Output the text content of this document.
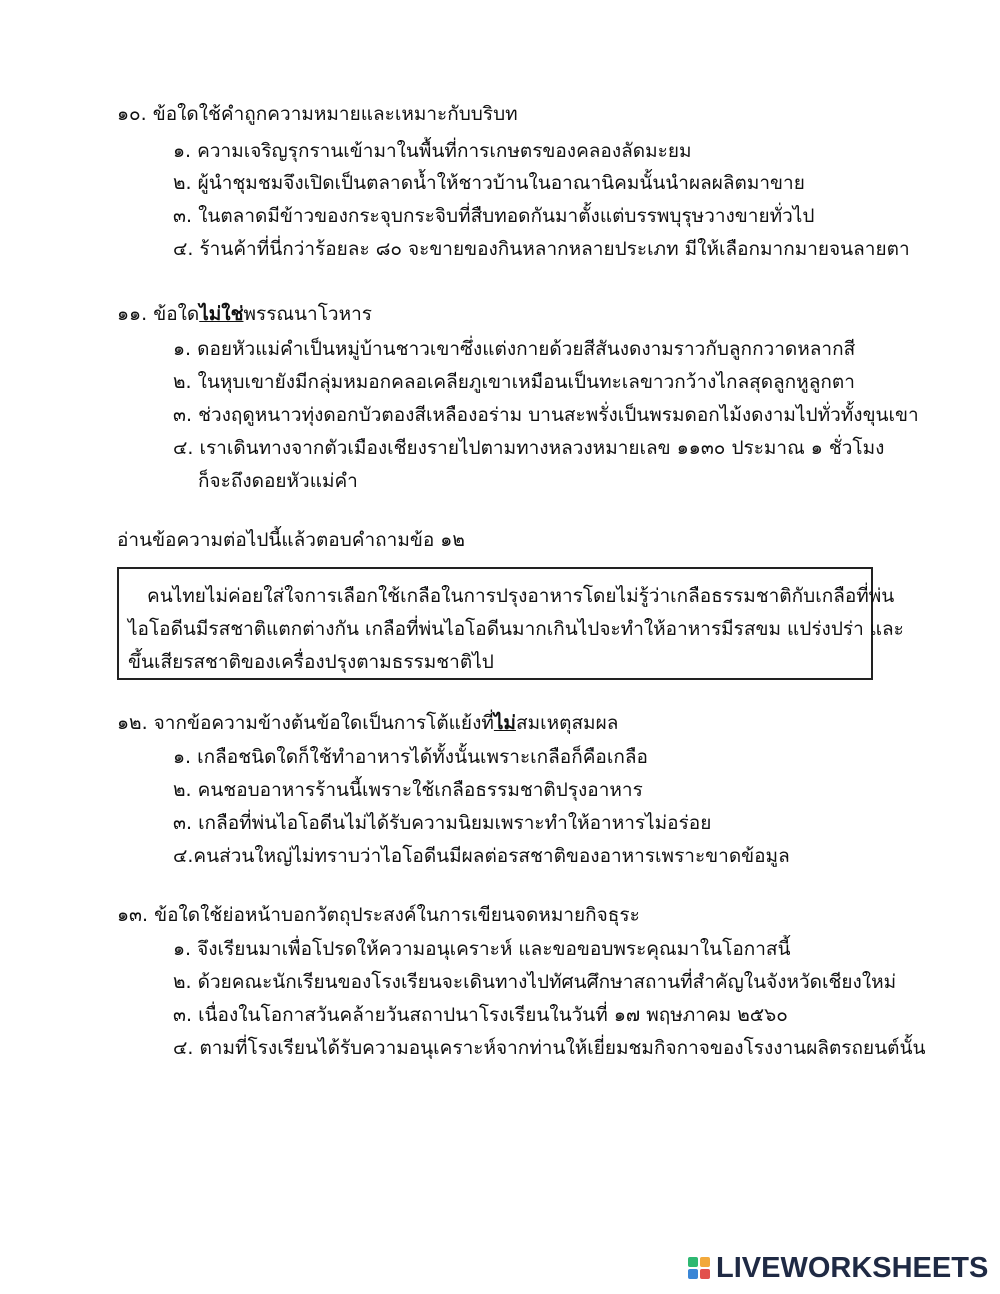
๑๐. ข้อใดใช้คำถูกความหมายและเหมาะกับบริบท
๑. ความเจริญรุกรานเข้ามาในพื้นที่การเกษตรของคลองลัดมะยม
๒. ผู้นำชุมชมจึงเปิดเป็นตลาดน้ำให้ชาวบ้านในอาณานิคมนั้นนำผลผลิตมาขาย
๓. ในตลาดมีข้าวของกระจุบกระจิบที่สืบทอดกันมาตั้งแต่บรรพบุรุษวางขายทั่วไป
๔. ร้านค้าที่นี่กว่าร้อยละ ๘๐ จะขายของกินหลากหลายประเภท มีให้เลือกมากมายจนลายตา
๑๑. ข้อใดไม่ใช่พรรณนาโวหาร
๑. ดอยหัวแม่คำเป็นหมู่บ้านชาวเขาซึ่งแต่งกายด้วยสีสันงดงามราวกับลูกกวาดหลากสี
๒. ในหุบเขายังมีกลุ่มหมอกคลอเคลียภูเขาเหมือนเป็นทะเลขาวกว้างไกลสุดลูกหูลูกตา
๓. ช่วงฤดูหนาวทุ่งดอกบัวตองสีเหลืองอร่าม บานสะพรั่งเป็นพรมดอกไม้งดงามไปทั่วทั้งขุนเขา
๔. เราเดินทางจากตัวเมืองเชียงรายไปตามทางหลวงหมายเลข ๑๑๓๐ ประมาณ ๑ ชั่วโมง
ก็จะถึงดอยหัวแม่คำ
อ่านข้อความต่อไปนี้แล้วตอบคำถามข้อ ๑๒
คนไทยไม่ค่อยใส่ใจการเลือกใช้เกลือในการปรุงอาหารโดยไม่รู้ว่าเกลือธรรมชาติกับเกลือที่พ่น
ไอโอดีนมีรสชาติแตกต่างกัน เกลือที่พ่นไอโอดีนมากเกินไปจะทำให้อาหารมีรสขม แปร่งปร่า และ
ขึ้นเสียรสชาติของเครื่องปรุงตามธรรมชาติไป
๑๒. จากข้อความข้างต้นข้อใดเป็นการโต้แย้งที่ไม่สมเหตุสมผล
๑. เกลือชนิดใดก็ใช้ทำอาหารได้ทั้งนั้นเพราะเกลือก็คือเกลือ
๒. คนชอบอาหารร้านนี้เพราะใช้เกลือธรรมชาติปรุงอาหาร
๓. เกลือที่พ่นไอโอดีนไม่ได้รับความนิยมเพราะทำให้อาหารไม่อร่อย
๔.คนส่วนใหญ่ไม่ทราบว่าไอโอดีนมีผลต่อรสชาติของอาหารเพราะขาดข้อมูล
๑๓. ข้อใดใช้ย่อหน้าบอกวัตถุประสงค์ในการเขียนจดหมายกิจธุระ
๑. จึงเรียนมาเพื่อโปรดให้ความอนุเคราะห์ และขอขอบพระคุณมาในโอกาสนี้
๒. ด้วยคณะนักเรียนของโรงเรียนจะเดินทางไปทัศนศึกษาสถานที่สำคัญในจังหวัดเชียงใหม่
๓. เนื่องในโอกาสวันคล้ายวันสถาปนาโรงเรียนในวันที่ ๑๗ พฤษภาคม ๒๕๖๐
๔. ตามที่โรงเรียนได้รับความอนุเคราะห์จากท่านให้เยี่ยมชมกิจกาจของโรงงานผลิตรถยนต์นั้น
LIVEWORKSHEETS
